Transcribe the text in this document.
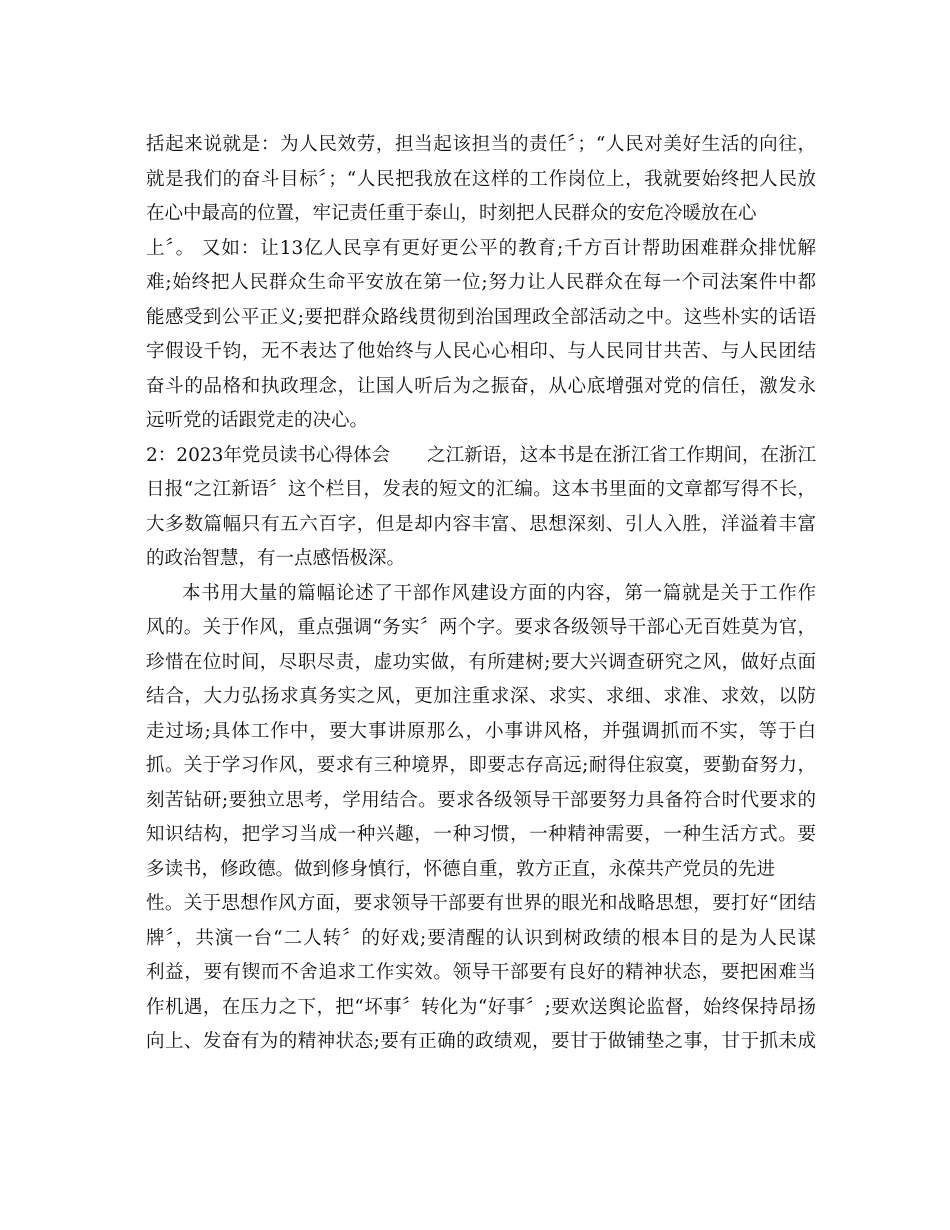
括起来说就是：为人民效劳，担当起该担当的责任〞；“人民对美好生活的向往，
就是我们的奋斗目标〞；“人民把我放在这样的工作岗位上，我就要始终把人民放
在心中最高的位置，牢记责任重于泰山，时刻把人民群众的安危冷暖放在心
上〞。 又如：让13亿人民享有更好更公平的教育;千方百计帮助困难群众排忧解
难;始终把人民群众生命平安放在第一位;努力让人民群众在每一个司法案件中都
能感受到公平正义;要把群众路线贯彻到治国理政全部活动之中。这些朴实的话语
字假设千钧，无不表达了他始终与人民心心相印、与人民同甘共苦、与人民团结
奋斗的品格和执政理念，让国人听后为之振奋，从心底增强对党的信任，激发永
远听党的话跟党走的决心。
2：2023年党员读书心得体会　　之江新语，这本书是在浙江省工作期间，在浙江
日报“之江新语〞这个栏目，发表的短文的汇编。这本书里面的文章都写得不长，
大多数篇幅只有五六百字，但是却内容丰富、思想深刻、引人入胜，洋溢着丰富
的政治智慧，有一点感悟极深。
本书用大量的篇幅论述了干部作风建设方面的内容，第一篇就是关于工作作
风的。关于作风，重点强调“务实〞两个字。要求各级领导干部心无百姓莫为官，
珍惜在位时间，尽职尽责，虚功实做，有所建树;要大兴调查研究之风，做好点面
结合，大力弘扬求真务实之风，更加注重求深、求实、求细、求准、求效，以防
走过场;具体工作中，要大事讲原那么，小事讲风格，并强调抓而不实，等于白
抓。关于学习作风，要求有三种境界，即要志存高远;耐得住寂寞，要勤奋努力，
刻苦钻研;要独立思考，学用结合。要求各级领导干部要努力具备符合时代要求的
知识结构，把学习当成一种兴趣，一种习惯，一种精神需要，一种生活方式。要
多读书，修政德。做到修身慎行，怀德自重，敦方正直，永葆共产党员的先进
性。关于思想作风方面，要求领导干部要有世界的眼光和战略思想，要打好“团结
牌〞，共演一台“二人转〞的好戏;要清醒的认识到树政绩的根本目的是为人民谋
利益，要有锲而不舍追求工作实效。领导干部要有良好的精神状态，要把困难当
作机遇，在压力之下，把“坏事〞转化为“好事〞;要欢送舆论监督，始终保持昂扬
向上、发奋有为的精神状态;要有正确的政绩观，要甘于做铺垫之事，甘于抓未成
